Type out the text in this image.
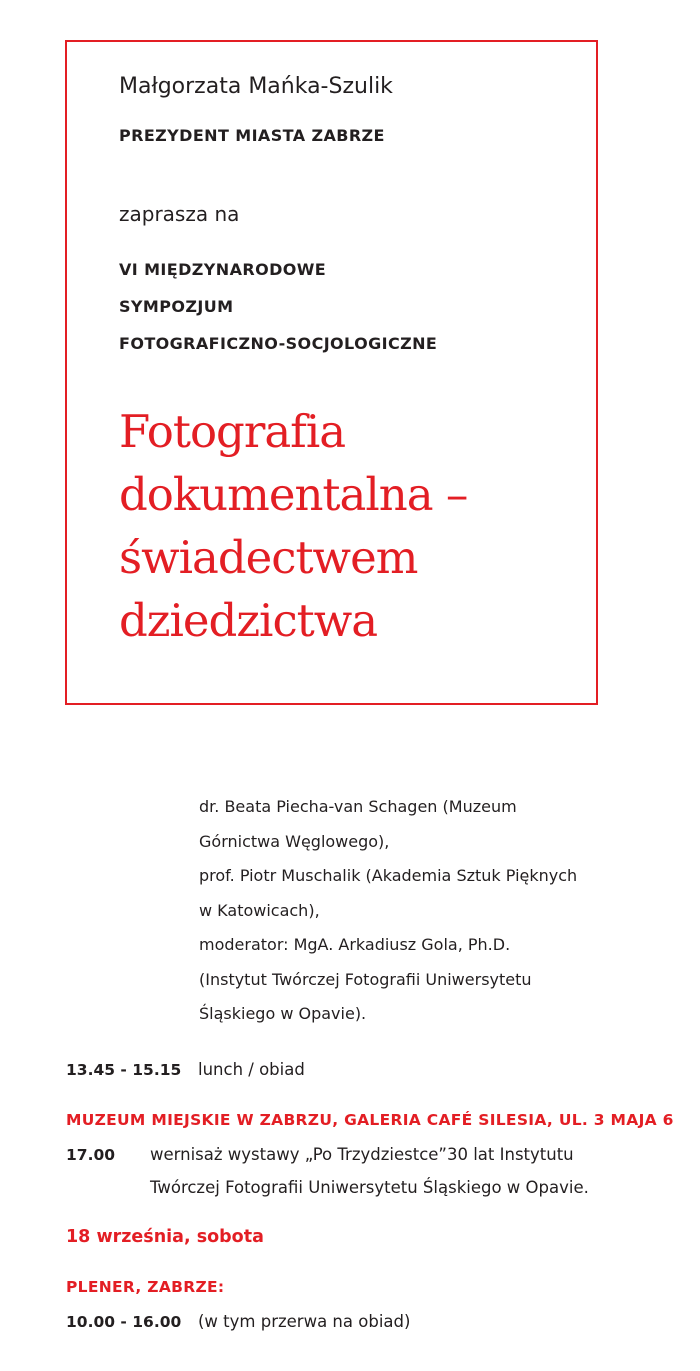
Małgorzata Mańka-Szulik
PREZYDENT MIASTA ZABRZE
zaprasza na
VI MIĘDZYNARODOWE
SYMPOZJUM
FOTOGRAFICZNO-SOCJOLOGICZNE
Fotografia
dokumentalna –
świadectwem
dziedzictwa
dr. Beata Piecha-van Schagen (Muzeum
Górnictwa Węglowego),
prof. Piotr Muschalik (Akademia Sztuk Pięknych
w Katowicach),
moderator: MgA. Arkadiusz Gola, Ph.D.
(Instytut Twórczej Fotografii Uniwersytetu
Śląskiego w Opavie).
13.45 - 15.15 lunch / obiad
MUZEUM MIEJSKIE W ZABRZU, GALERIA CAFÉ SILESIA, UL. 3 MAJA 6
17.00 wernisaż wystawy „Po Trzydziestce”30 lat Instytutu
Twórczej Fotografii Uniwersytetu Śląskiego w Opavie.
18 września, sobota
PLENER, ZABRZE:
10.00 - 16.00 (w tym przerwa na obiad)
